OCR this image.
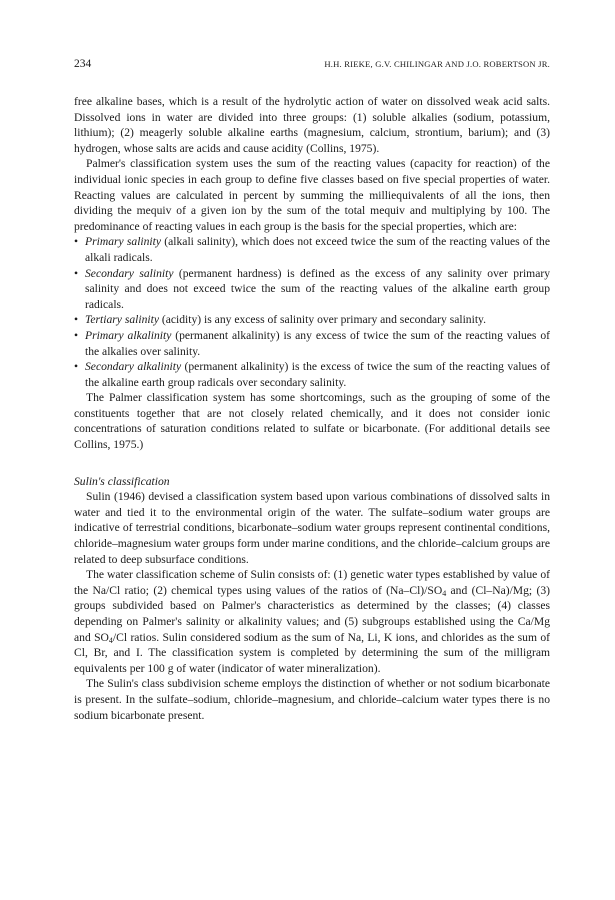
234	H.H. RIEKE, G.V. CHILINGAR AND J.O. ROBERTSON JR.

free alkaline bases, which is a result of the hydrolytic action of water on dissolved weak acid salts. Dissolved ions in water are divided into three groups: (1) soluble alkalies (sodium, potassium, lithium); (2) meagerly soluble alkaline earths (magnesium, calcium, strontium, barium); and (3) hydrogen, whose salts are acids and cause acidity (Collins, 1975).

Palmer's classification system uses the sum of the reacting values (capacity for reaction) of the individual ionic species in each group to define five classes based on five special properties of water. Reacting values are calculated in percent by summing the milliequivalents of all the ions, then dividing the mequiv of a given ion by the sum of the total mequiv and multiplying by 100. The predominance of reacting values in each group is the basis for the special properties, which are:

• Primary salinity (alkali salinity), which does not exceed twice the sum of the reacting values of the alkali radicals.
• Secondary salinity (permanent hardness) is defined as the excess of any salinity over primary salinity and does not exceed twice the sum of the reacting values of the alkaline earth group radicals.
• Tertiary salinity (acidity) is any excess of salinity over primary and secondary salinity.
• Primary alkalinity (permanent alkalinity) is any excess of twice the sum of the reacting values of the alkalies over salinity.
• Secondary alkalinity (permanent alkalinity) is the excess of twice the sum of the reacting values of the alkaline earth group radicals over secondary salinity.

The Palmer classification system has some shortcomings, such as the grouping of some of the constituents together that are not closely related chemically, and it does not consider ionic concentrations of saturation conditions related to sulfate or bicarbonate. (For additional details see Collins, 1975.)

Sulin's classification

Sulin (1946) devised a classification system based upon various combinations of dissolved salts in water and tied it to the environmental origin of the water. The sulfate–sodium water groups are indicative of terrestrial conditions, bicarbonate–sodium water groups represent continental conditions, chloride–magnesium water groups form under marine conditions, and the chloride–calcium groups are related to deep subsurface conditions.

The water classification scheme of Sulin consists of: (1) genetic water types established by value of the Na/Cl ratio; (2) chemical types using values of the ratios of $(Na-Cl)/SO_4$ and (Cl–Na)/Mg; (3) groups subdivided based on Palmer's characteristics as determined by the classes; (4) classes depending on Palmer's salinity or alkalinity values; and (5) subgroups established using the Ca/Mg and $SO_4/Cl$ ratios. Sulin considered sodium as the sum of Na, Li, K ions, and chlorides as the sum of Cl, Br, and I. The classification system is completed by determining the sum of the milligram equivalents per 100 g of water (indicator of water mineralization).

The Sulin's class subdivision scheme employs the distinction of whether or not sodium bicarbonate is present. In the sulfate–sodium, chloride–magnesium, and chloride–calcium water types there is no sodium bicarbonate present.
